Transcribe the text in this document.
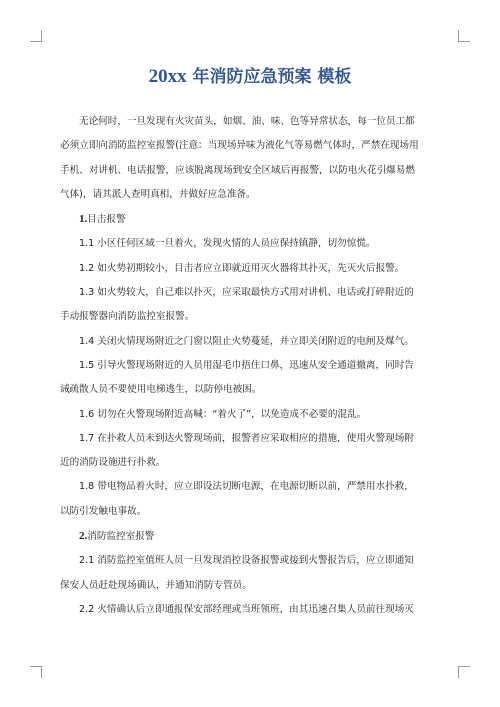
20xx 年消防应急预案 模板

无论何时，一旦发现有火灾苗头，如烟、油、味、色等异常状态，每一位员工都

必须立即向消防监控室报警(注意：当现场异味为液化气等易燃气体时，严禁在现场用

手机、对讲机、电话报警，应该脱离现场到安全区域后再报警，以防电火花引爆易燃

气体)，请其派人查明真相，并做好应急准备。

1.目击报警

1.1 小区任何区域一旦着火，发现火情的人员应保持镇静，切勿惊慌。

1.2 如火势初期较小，目击者应立即就近用灭火器将其扑灭，先灭火后报警。

1.3 如火势较大，自己难以扑灭，应采取最快方式用对讲机、电话或打碎附近的

手动报警器向消防监控室报警。

1.4 关闭火情现场附近之门窗以阻止火势蔓延，并立即关闭附近的电闸及煤气。

1.5 引导火警现场附近的人员用湿毛巾捂住口鼻，迅速从安全通道撤离，同时告

诫疏散人员不要使用电梯逃生，以防停电被困。

1.6 切勿在火警现场附近高喊：“着火了”，以免造成不必要的混乱。

1.7 在扑救人员未到达火警现场前，报警者应采取相应的措施，使用火警现场附

近的消防设施进行扑救。

1.8 带电物品着火时，应立即设法切断电源，在电源切断以前，严禁用水扑救，

以防引发触电事故。

2.消防监控室报警

2.1 消防监控室值班人员一旦发现消控设备报警或接到火警报告后，应立即通知

保安人员赶赴现场确认，并通知消防专管员。

2.2 火情确认后立即通报保安部经理或当班领班，由其迅速召集人员前往现场灭
